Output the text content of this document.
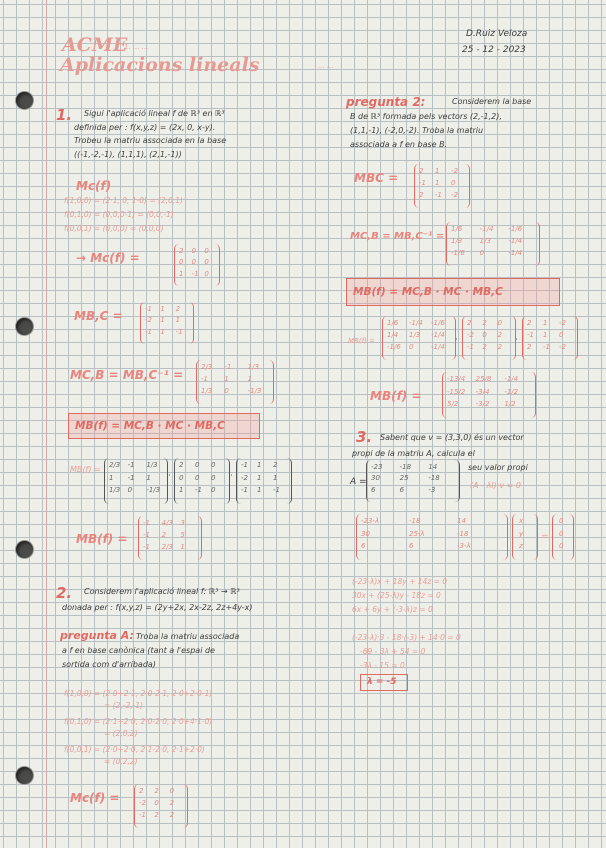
ACME
1. ... ...
Aplicacions lineals	... ...
D.Ruiz Veloza
25 - 12 - 2023
1. Sigui l'aplicació lineal f de ℝ³ en ℝ³
definida per : f(x,y,z) = (2x, 0, x-y).
Trobeu la matriu associada en la base
((-1,-2,-1), (1,1,1), (2,1,-1))
Mc(f)
f(1,0,0) = (2·1, 0, 1-0) = (2,0,1)
f(0,1,0) = (0,0,0-1) = (0,0,-1)
f(0,0,1) = (0,0,0) = (0,0,0)
→ Mc(f) =	2 0 0
0 0 0
1 -1 0
MB,C =	-1 1 2
-2 1 1
-1 1 -1
MC,B = MB,C⁻¹ =
2/3 -1 1/3
-1 1	1
1/3 0	-1/3
MB(f) = MC,B · MC · MB,C
MB(f) = 2/3 -1 1/3
1 -1 1
1/3 0 -1/3
·
2 0 0
0 0 0
1 -1 0
·
-1 1 2
-2 1 1
-1 1 -1
MB(f) =
-1 4/3 3
-1 2 5
-1 2/3 1
2. Considerem l'aplicació lineal f: ℝ³ → ℝ³
donada per : f(x,y,z) = (2y+2x, 2x-2z, 2z+4y-x)
pregunta A: Troba la matriu associada
a f en base canònica (tant a l'espai de
sortida com d'arribada)
f(1,0,0) = (2·0+2·1, 2·0-2·1, 2·0+2·0-1)
= (2,-2,-1)
f(0,1,0) = (2·1+2·0, 2·0-2·0, 2·0+4·1-0)
= (2,0,2)
f(0,0,1) = (2·0+2·0, 2·1-2·0, 2·1+2·0)
= (0,2,2)
Mc(f) =	2 2 0
-2 0 2
-1 2 2
pregunta 2:	Considerem la base
B de ℝ³ formada pels vectors (2,-1,2),
(1,1,-1), (-2,0,-2). Troba la matriu
associada a f en base B.
MBC =	2 1 -2
-1 1 0
2 -1 -2
MC,B = MB,C⁻¹ =
1/6 -1/4 -1/6
1/3 1/3 -1/4
-1/6 0	-1/4
MB(f) = MC,B · MC · MB,C
MB(f) =
1/6 -1/4 -1/6
1/4 1/3 -1/4
-1/6 0	-1/4
·
2 2 0
-2 0 2
-1 2 2
·
2 1 -2
-1 1 0
2 -1 -2
MB(f) =
-13/4 25/8 -1/4
-15/2 -3/4 -1/2
5/2 -3/2 1/2
3. Sabent que v = (3,3,0) és un vector
propi de la matriu A, calcula el
seu valor propi
A =
-23 -18 14
30	25	-18
6	6	-3	(A - λI)·v = 0
-23-λ	-18	14
30	25-λ	-18
6	6	-3-λ
x
y
z
=
0
0
0
(-23-λ)x + 18y + 14z = 0
30x + (25-λ)y - 18z = 0
6x + 6y + (-3-λ)z = 0
(-23-λ)·3 - 18·(-3) + 14·0 = 0
-69 - 3λ + 54 = 0
-3λ - 15 = 0
λ = -5
